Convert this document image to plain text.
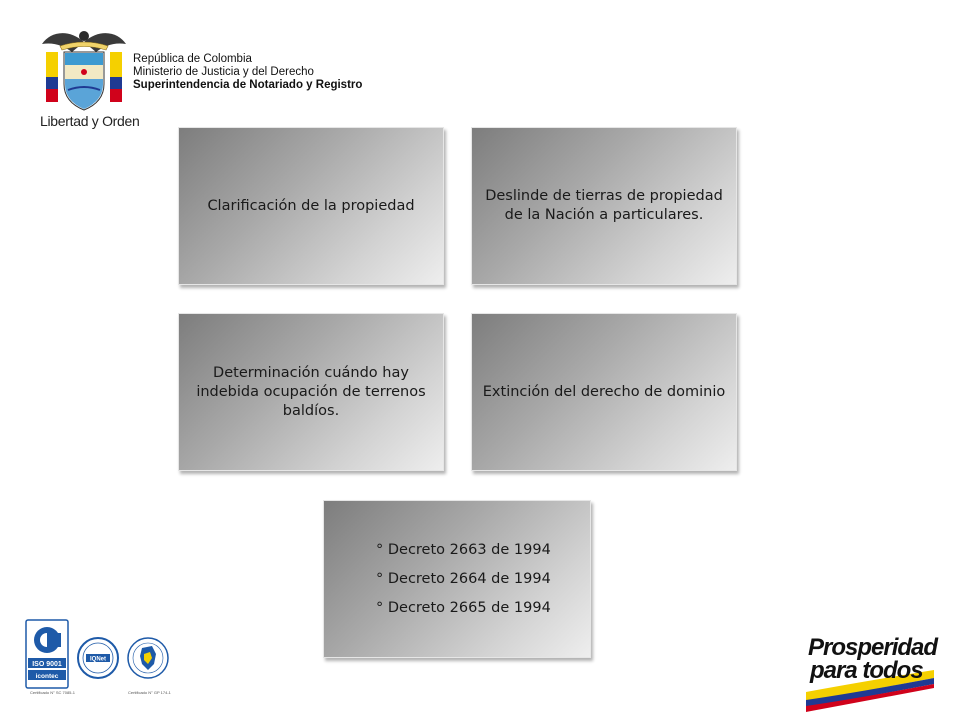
Libertad y Orden
República de Colombia
Ministerio de Justicia y del Derecho
Superintendencia de Notariado y Registro
Clarificación de la propiedad
Deslinde de tierras de propiedad de la Nación a particulares.
Determinación cuándo hay indebida ocupación de terrenos baldíos.
Extinción del derecho de dominio
° Decreto 2663 de 1994
° Decreto 2664 de 1994
° Decreto 2665 de 1994
ISO 9001
icontec
IQNet
Certificado N° SC 7085-1	Certificado N° GP 174-1
Prosperidad
para todos
